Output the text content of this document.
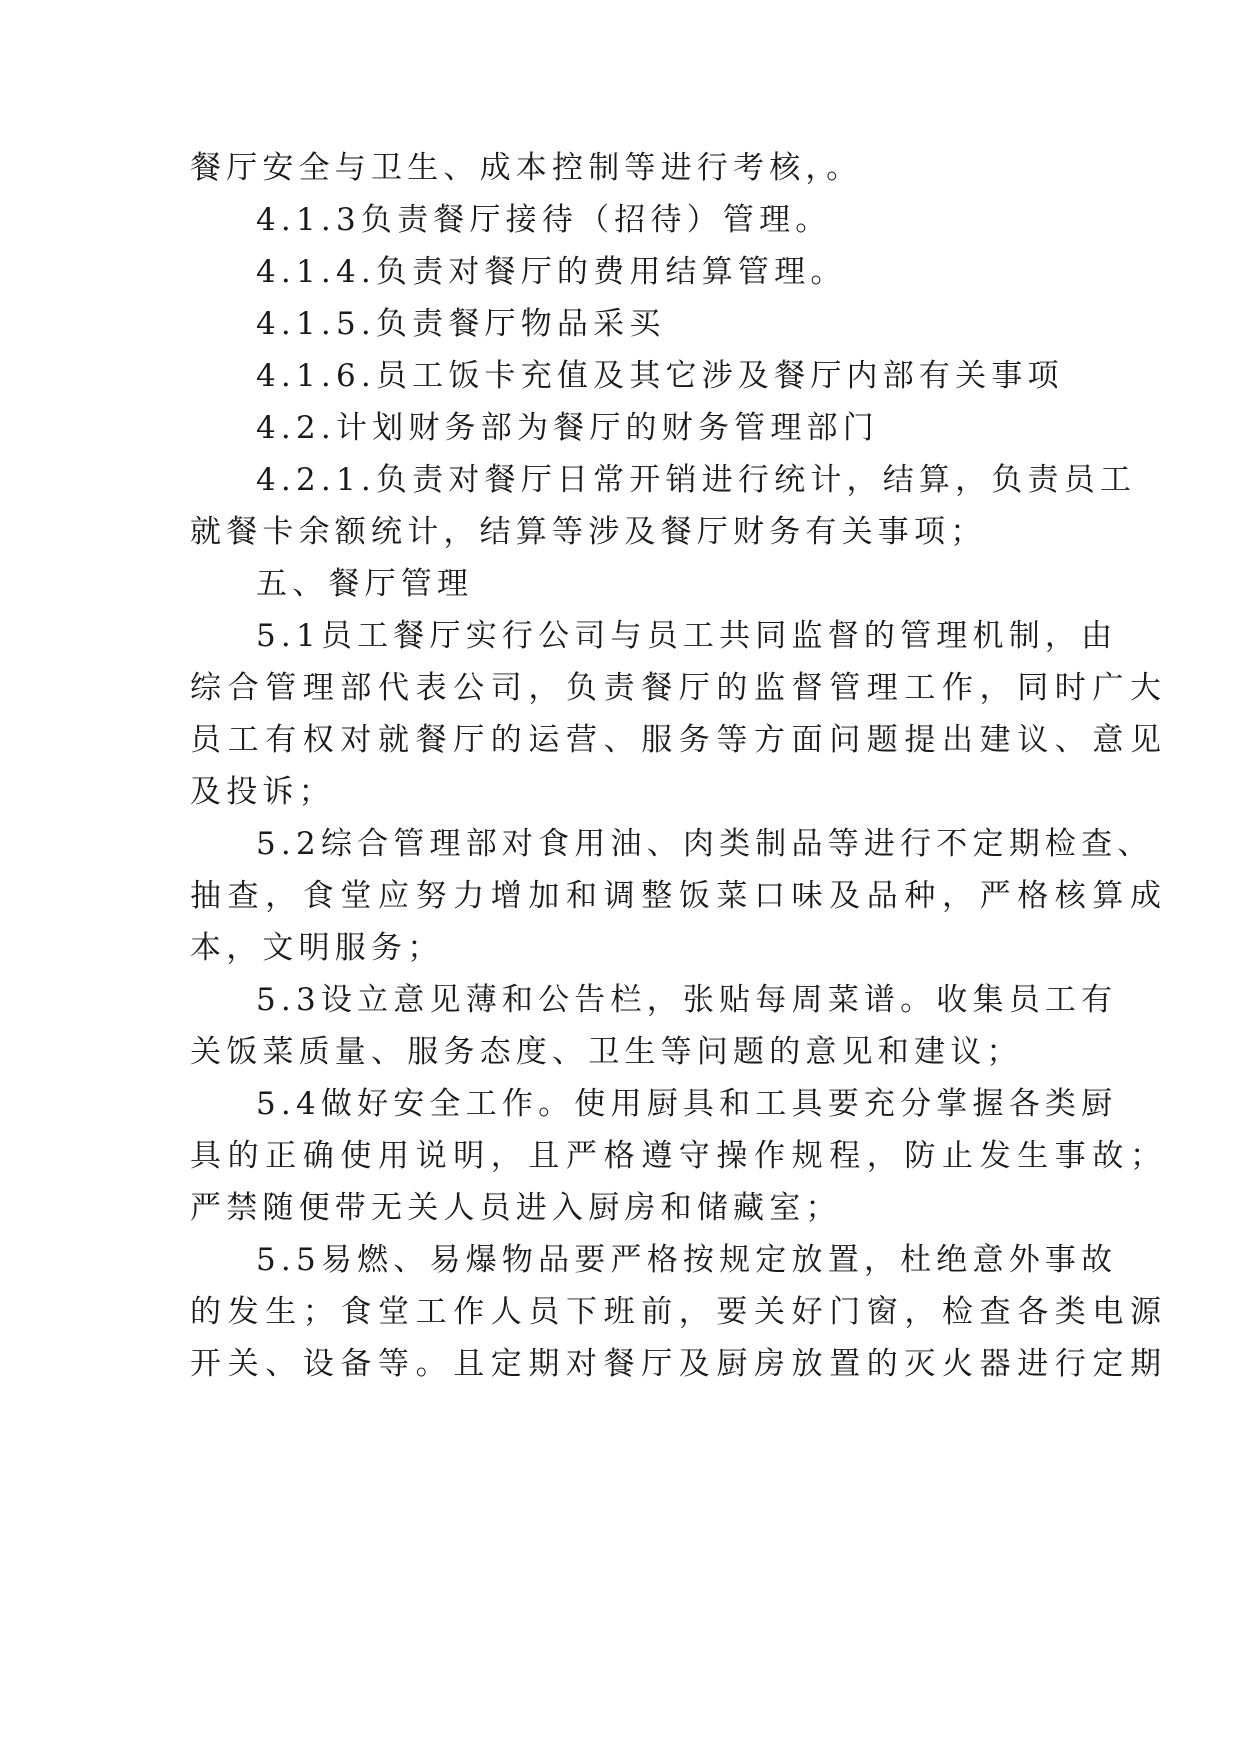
餐厅安全与卫生、成本控制等进行考核，。

4.1.3负责餐厅接待（招待）管理。

4.1.4.负责对餐厅的费用结算管理。

4.1.5.负责餐厅物品采买

4.1.6.员工饭卡充值及其它涉及餐厅内部有关事项

4.2.计划财务部为餐厅的财务管理部门

4.2.1.负责对餐厅日常开销进行统计，结算，负责员工

就餐卡余额统计，结算等涉及餐厅财务有关事项；

五、餐厅管理

5.1员工餐厅实行公司与员工共同监督的管理机制，由

综合管理部代表公司，负责餐厅的监督管理工作，同时广大

员工有权对就餐厅的运营、服务等方面问题提出建议、意见

及投诉；

5.2综合管理部对食用油、肉类制品等进行不定期检查、

抽查，食堂应努力增加和调整饭菜口味及品种，严格核算成

本，文明服务；

5.3设立意见薄和公告栏，张贴每周菜谱。收集员工有

关饭菜质量、服务态度、卫生等问题的意见和建议；

5.4做好安全工作。使用厨具和工具要充分掌握各类厨

具的正确使用说明，且严格遵守操作规程，防止发生事故；

严禁随便带无关人员进入厨房和储藏室；

5.5易燃、易爆物品要严格按规定放置，杜绝意外事故

的发生；食堂工作人员下班前，要关好门窗，检查各类电源

开关、设备等。且定期对餐厅及厨房放置的灭火器进行定期
